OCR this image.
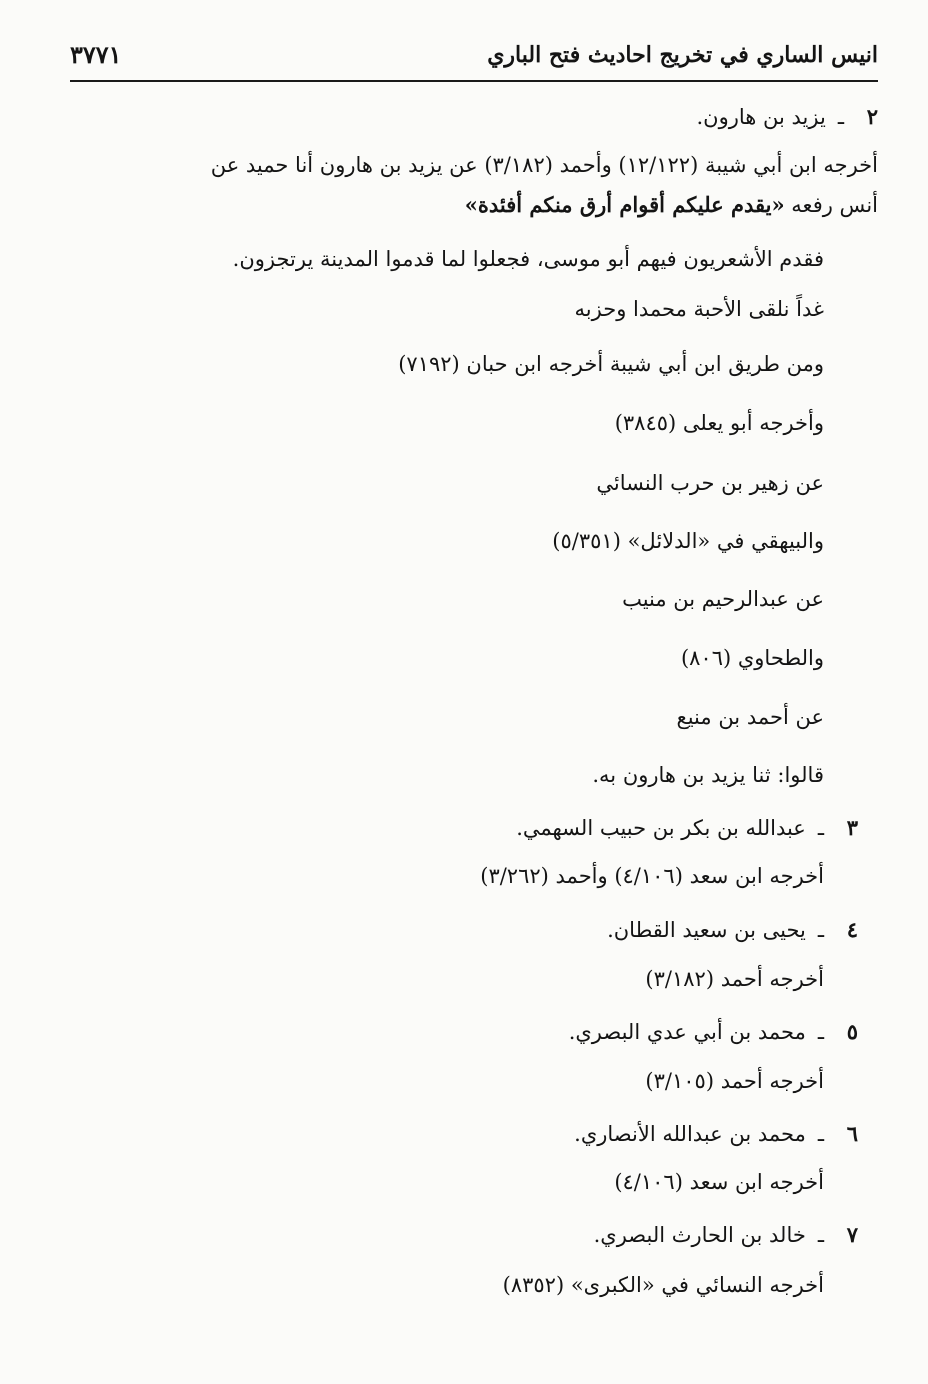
انيس الساري في تخريج احاديث فتح الباري
٣٧٧١
٢ـيزيد بن هارون.
أخرجه ابن أبي شيبة (١٢/١٢٢) وأحمد (٣/١٨٢) عن يزيد بن هارون أنا حميد عن
أنس رفعه «يقدم عليكم أقوام أرق منكم أفئدة»
فقدم الأشعريون فيهم أبو موسى، فجعلوا لما قدموا المدينة يرتجزون.
غداً نلقى الأحبة محمدا وحزبه
ومن طريق ابن أبي شيبة أخرجه ابن حبان (٧١٩٢)
وأخرجه أبو يعلى (٣٨٤٥)
عن زهير بن حرب النسائي
والبيهقي في «الدلائل» (٥/٣٥١)
عن عبدالرحيم بن منيب
والطحاوي (٨٠٦)
عن أحمد بن منيع
قالوا: ثنا يزيد بن هارون به.
٣ـعبدالله بن بكر بن حبيب السهمي.
أخرجه ابن سعد (٤/١٠٦) وأحمد (٣/٢٦٢)
٤ـيحيى بن سعيد القطان.
أخرجه أحمد (٣/١٨٢)
٥ـمحمد بن أبي عدي البصري.
أخرجه أحمد (٣/١٠٥)
٦ـمحمد بن عبدالله الأنصاري.
أخرجه ابن سعد (٤/١٠٦)
٧ـخالد بن الحارث البصري.
أخرجه النسائي في «الكبرى» (٨٣٥٢)
